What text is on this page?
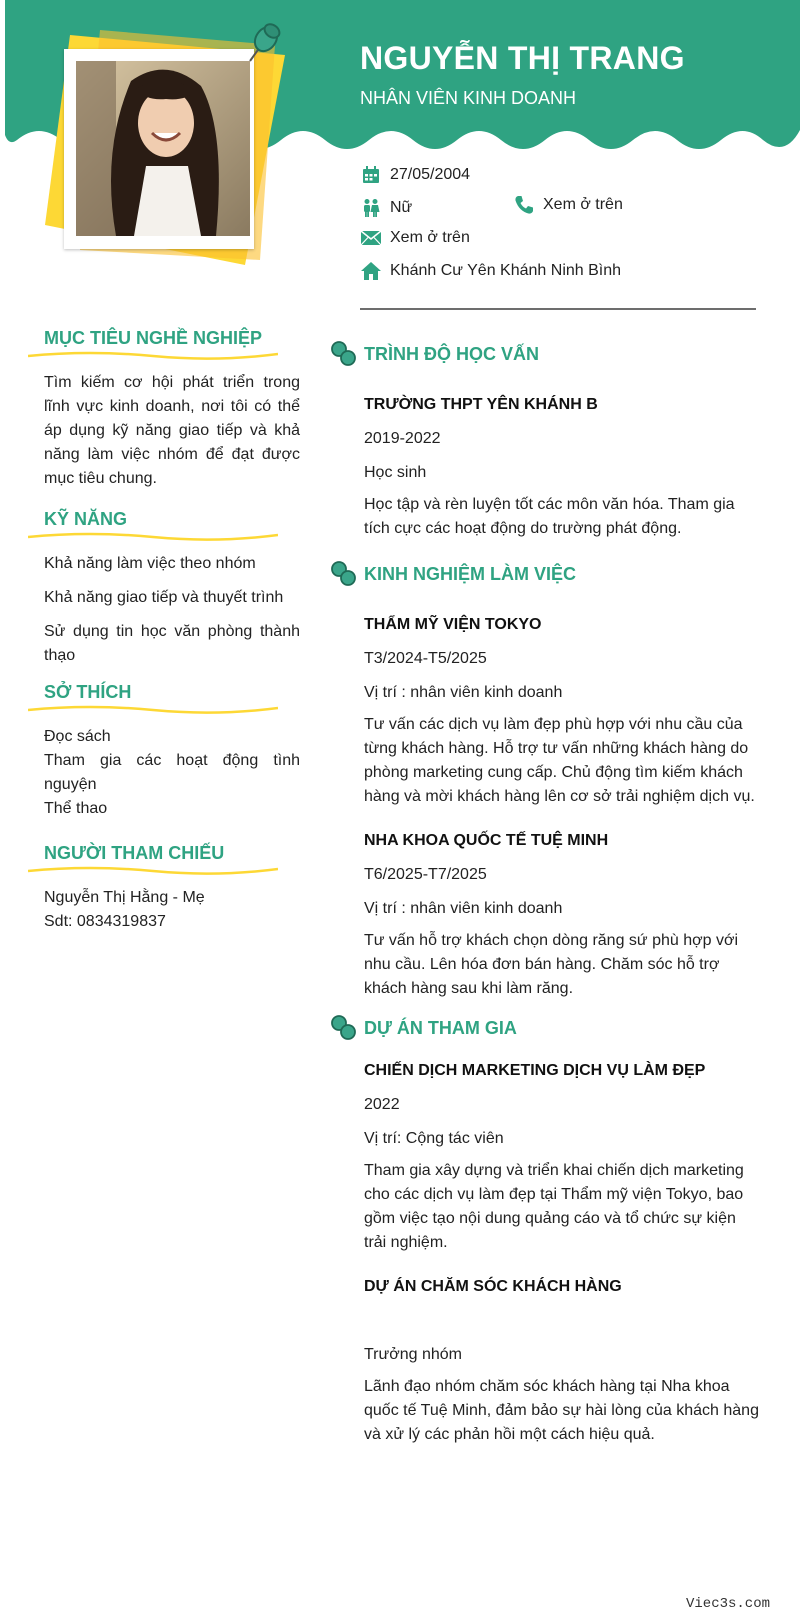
NGUYỄN THỊ TRANG
NHÂN VIÊN KINH DOANH
27/05/2004
Nữ	Xem ở trên
Xem ở trên
Khánh Cư Yên Khánh Ninh Bình
MỤC TIÊU NGHỀ NGHIỆP
Tìm kiếm cơ hội phát triển trong lĩnh vực kinh doanh, nơi tôi có thể áp dụng kỹ năng giao tiếp và khả năng làm việc nhóm để đạt được mục tiêu chung.
KỸ NĂNG
Khả năng làm việc theo nhóm
Khả năng giao tiếp và thuyết trình
Sử dụng tin học văn phòng thành thạo
SỞ THÍCH
Đọc sách
Tham gia các hoạt động tình nguyện
Thể thao
NGƯỜI THAM CHIẾU
Nguyễn Thị Hằng - Mẹ
Sdt: 0834319837
TRÌNH ĐỘ HỌC VẤN
TRƯỜNG THPT YÊN KHÁNH B
2019-2022
Học sinh
Học tập và rèn luyện tốt các môn văn hóa. Tham gia tích cực các hoạt động do trường phát động.
KINH NGHIỆM LÀM VIỆC
THẨM MỸ VIỆN TOKYO
T3/2024-T5/2025
Vị trí : nhân viên kinh doanh
Tư vấn các dịch vụ làm đẹp phù hợp với nhu cầu của từng khách hàng. Hỗ trợ tư vấn những khách hàng do phòng marketing cung cấp. Chủ động tìm kiếm khách hàng và mời khách hàng lên cơ sở trải nghiệm dịch vụ.
NHA KHOA QUỐC TẾ TUỆ MINH
T6/2025-T7/2025
Vị trí : nhân viên kinh doanh
Tư vấn hỗ trợ khách chọn dòng răng sứ phù hợp với nhu cầu. Lên hóa đơn bán hàng. Chăm sóc hỗ trợ khách hàng sau khi làm răng.
DỰ ÁN THAM GIA
CHIẾN DỊCH MARKETING DỊCH VỤ LÀM ĐẸP
2022
Vị trí: Cộng tác viên
Tham gia xây dựng và triển khai chiến dịch marketing cho các dịch vụ làm đẹp tại Thẩm mỹ viện Tokyo, bao gồm việc tạo nội dung quảng cáo và tổ chức sự kiện trải nghiệm.
DỰ ÁN CHĂM SÓC KHÁCH HÀNG
Trưởng nhóm
Lãnh đạo nhóm chăm sóc khách hàng tại Nha khoa quốc tế Tuệ Minh, đảm bảo sự hài lòng của khách hàng và xử lý các phản hồi một cách hiệu quả.
Viec3s.com
